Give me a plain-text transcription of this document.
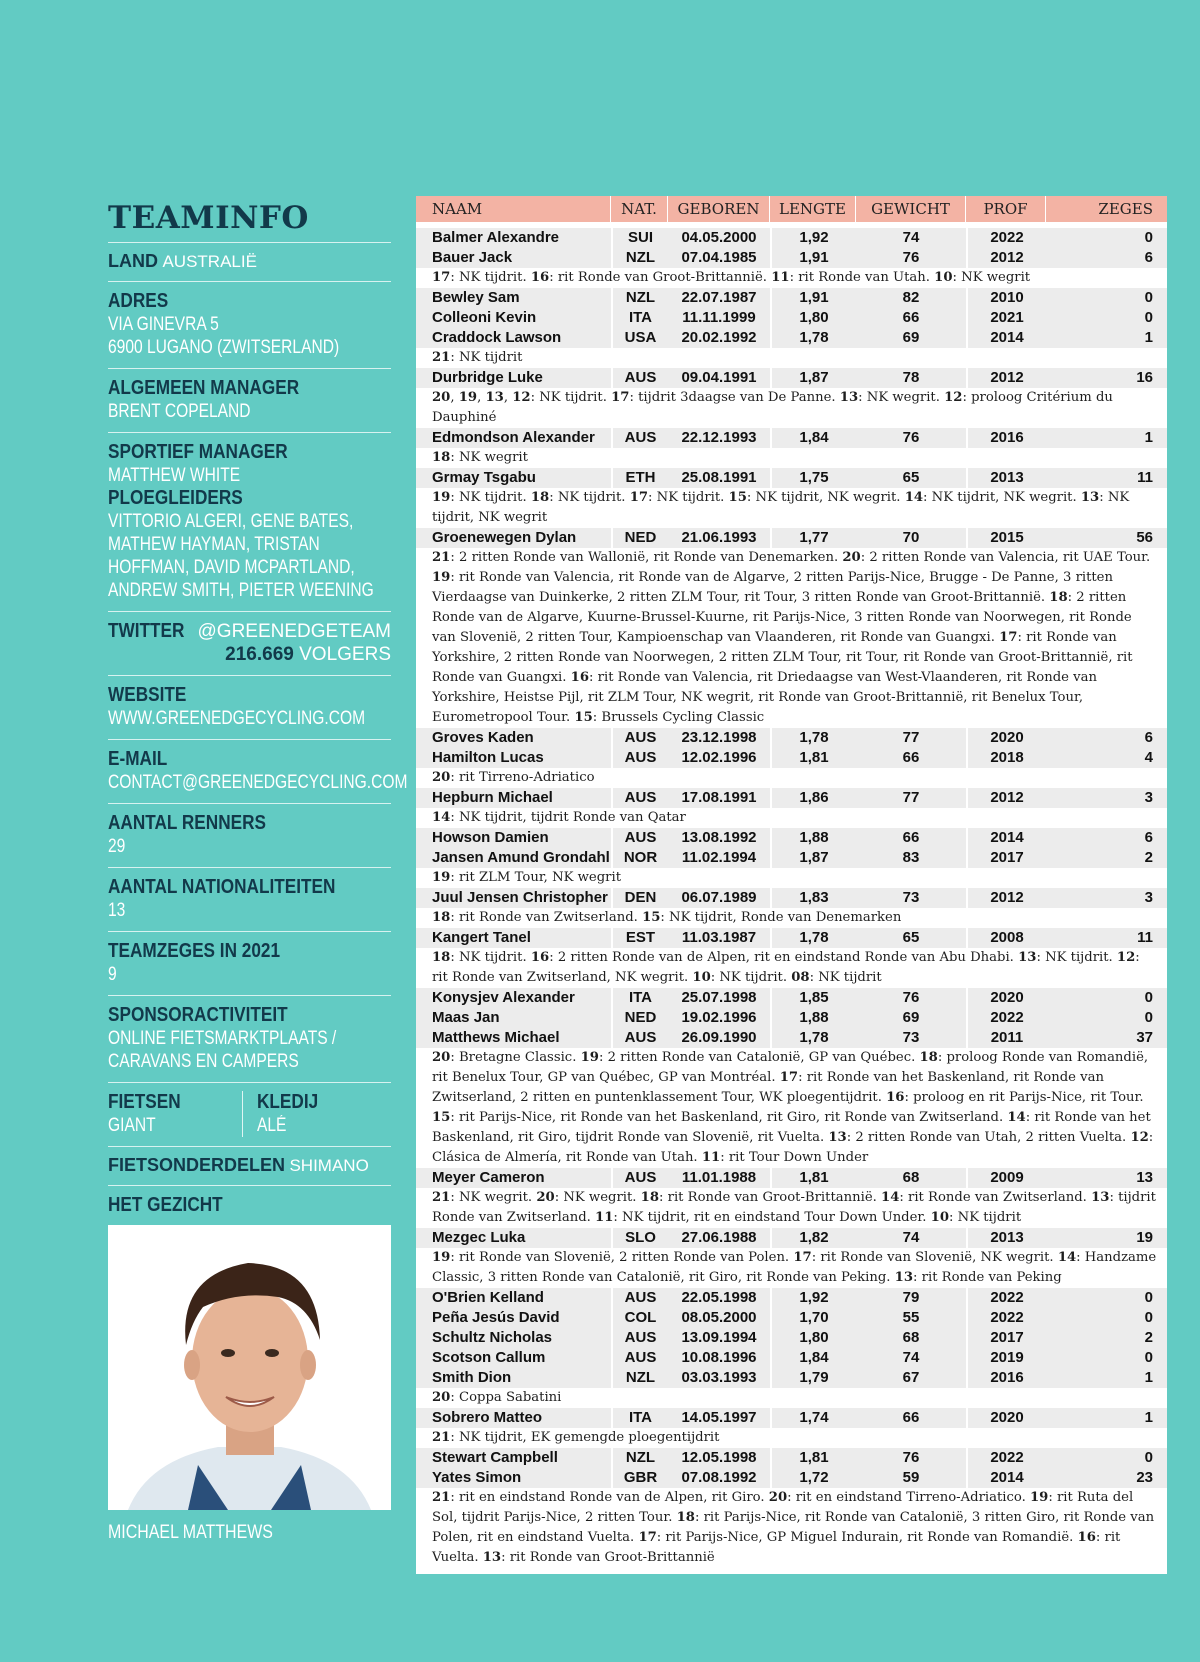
TEAMINFO
LAND AUSTRALIË
ADRES
VIA GINEVRA 5
6900 LUGANO (ZWITSERLAND)
ALGEMEEN MANAGER
BRENT COPELAND
SPORTIEF MANAGER
MATTHEW WHITE
PLOEGLEIDERS
VITTORIO ALGERI, GENE BATES, MATHEW HAYMAN, TRISTAN HOFFMAN, DAVID MCPARTLAND, ANDREW SMITH, PIETER WEENING
TWITTER @GREENEDGETEAM
216.669 VOLGERS
WEBSITE
WWW.GREENEDGECYCLING.COM
E-MAIL
CONTACT@GREENEDGECYCLING.COM
AANTAL RENNERS
29
AANTAL NATIONALITEITEN
13
TEAMZEGES IN 2021
9
SPONSORACTIVITEIT
ONLINE FIETSMARKTPLAATS / CARAVANS EN CAMPERS
FIETSEN
GIANT
KLEDIJ
ALÉ
FIETSONDERDELEN SHIMANO
HET GEZICHT
MICHAEL MATTHEWS
NAAM	NAT.	GEBOREN	LENGTE	GEWICHT	PROF	ZEGES
Balmer Alexandre	SUI	04.05.2000	1,92	74	2022	0
Bauer Jack	NZL	07.04.1985	1,91	76	2012	6
17: NK tijdrit. 16: rit Ronde van Groot-Brittannië. 11: rit Ronde van Utah. 10: NK wegrit
Bewley Sam	NZL	22.07.1987	1,91	82	2010	0
Colleoni Kevin	ITA	11.11.1999	1,80	66	2021	0
Craddock Lawson	USA	20.02.1992	1,78	69	2014	1
21: NK tijdrit
Durbridge Luke	AUS	09.04.1991	1,87	78	2012	16
20, 19, 13, 12: NK tijdrit. 17: tijdrit 3daagse van De Panne. 13: NK wegrit. 12: proloog Critérium du Dauphiné
Edmondson Alexander	AUS	22.12.1993	1,84	76	2016	1
18: NK wegrit
Grmay Tsgabu	ETH	25.08.1991	1,75	65	2013	11
19: NK tijdrit. 18: NK tijdrit. 17: NK tijdrit. 15: NK tijdrit, NK wegrit. 14: NK tijdrit, NK wegrit. 13: NK tijdrit, NK wegrit
Groenewegen Dylan	NED	21.06.1993	1,77	70	2015	56
21: 2 ritten Ronde van Wallonië, rit Ronde van Denemarken. 20: 2 ritten Ronde van Valencia, rit UAE Tour. 19: rit Ronde van Valencia, rit Ronde van de Algarve, 2 ritten Parijs-Nice, Brugge - De Panne, 3 ritten Vierdaagse van Duinkerke, 2 ritten ZLM Tour, rit Tour, 3 ritten Ronde van Groot-Brittannië. 18: 2 ritten Ronde van de Algarve, Kuurne-Brussel-Kuurne, rit Parijs-Nice, 3 ritten Ronde van Noorwegen, rit Ronde van Slovenië, 2 ritten Tour, Kampioenschap van Vlaanderen, rit Ronde van Guangxi. 17: rit Ronde van Yorkshire, 2 ritten Ronde van Noorwegen, 2 ritten ZLM Tour, rit Tour, rit Ronde van Groot-Brittannië, rit Ronde van Guangxi. 16: rit Ronde van Valencia, rit Driedaagse van West-Vlaanderen, rit Ronde van Yorkshire, Heistse Pijl, rit ZLM Tour, NK wegrit, rit Ronde van Groot-Brittannië, rit Benelux Tour, Eurometropool Tour. 15: Brussels Cycling Classic
Groves Kaden	AUS	23.12.1998	1,78	77	2020	6
Hamilton Lucas	AUS	12.02.1996	1,81	66	2018	4
20: rit Tirreno-Adriatico
Hepburn Michael	AUS	17.08.1991	1,86	77	2012	3
14: NK tijdrit, tijdrit Ronde van Qatar
Howson Damien	AUS	13.08.1992	1,88	66	2014	6
Jansen Amund Grondahl NOR	11.02.1994	1,87	83	2017	2
19: rit ZLM Tour, NK wegrit
Juul Jensen Christopher	DEN	06.07.1989	1,83	73	2012	3
18: rit Ronde van Zwitserland. 15: NK tijdrit, Ronde van Denemarken
Kangert Tanel	EST	11.03.1987	1,78	65	2008	11
18: NK tijdrit. 16: 2 ritten Ronde van de Alpen, rit en eindstand Ronde van Abu Dhabi. 13: NK tijdrit. 12: rit Ronde van Zwitserland, NK wegrit. 10: NK tijdrit. 08: NK tijdrit
Konysjev Alexander	ITA	25.07.1998	1,85	76	2020	0
Maas Jan	NED	19.02.1996	1,88	69	2022	0
Matthews Michael	AUS	26.09.1990	1,78	73	2011	37
20: Bretagne Classic. 19: 2 ritten Ronde van Catalonië, GP van Québec. 18: proloog Ronde van Romandië, rit Benelux Tour, GP van Québec, GP van Montréal. 17: rit Ronde van het Baskenland, rit Ronde van Zwitserland, 2 ritten en puntenklassement Tour, WK ploegentijdrit. 16: proloog en rit Parijs-Nice, rit Tour. 15: rit Parijs-Nice, rit Ronde van het Baskenland, rit Giro, rit Ronde van Zwitserland. 14: rit Ronde van het Baskenland, rit Giro, tijdrit Ronde van Slovenië, rit Vuelta. 13: 2 ritten Ronde van Utah, 2 ritten Vuelta. 12: Clásica de Almería, rit Ronde van Utah. 11: rit Tour Down Under
Meyer Cameron	AUS	11.01.1988	1,81	68	2009	13
21: NK wegrit. 20: NK wegrit. 18: rit Ronde van Groot-Brittannië. 14: rit Ronde van Zwitserland. 13: tijdrit Ronde van Zwitserland. 11: NK tijdrit, rit en eindstand Tour Down Under. 10: NK tijdrit
Mezgec Luka	SLO	27.06.1988	1,82	74	2013	19
19: rit Ronde van Slovenië, 2 ritten Ronde van Polen. 17: rit Ronde van Slovenië, NK wegrit. 14: Handzame Classic, 3 ritten Ronde van Catalonië, rit Giro, rit Ronde van Peking. 13: rit Ronde van Peking
O'Brien Kelland	AUS	22.05.1998	1,92	79	2022	0
Peña Jesús David	COL	08.05.2000	1,70	55	2022	0
Schultz Nicholas	AUS	13.09.1994	1,80	68	2017	2
Scotson Callum	AUS	10.08.1996	1,84	74	2019	0
Smith Dion	NZL	03.03.1993	1,79	67	2016	1
20: Coppa Sabatini
Sobrero Matteo	ITA	14.05.1997	1,74	66	2020	1
21: NK tijdrit, EK gemengde ploegentijdrit
Stewart Campbell	NZL	12.05.1998	1,81	76	2022	0
Yates Simon	GBR	07.08.1992	1,72	59	2014	23
21: rit en eindstand Ronde van de Alpen, rit Giro. 20: rit en eindstand Tirreno-Adriatico. 19: rit Ruta del Sol, tijdrit Parijs-Nice, 2 ritten Tour. 18: rit Parijs-Nice, rit Ronde van Catalonië, 3 ritten Giro, rit Ronde van Polen, rit en eindstand Vuelta. 17: rit Parijs-Nice, GP Miguel Indurain, rit Ronde van Romandië. 16: rit Vuelta. 13: rit Ronde van Groot-Brittannië
